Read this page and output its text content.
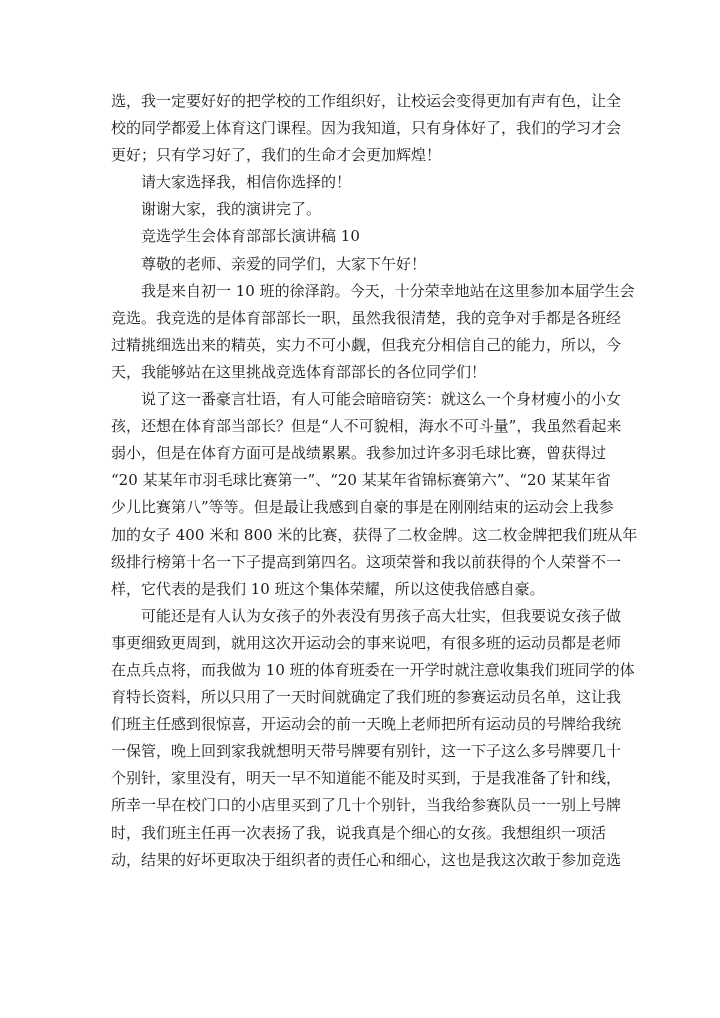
选，我一定要好好的把学校的工作组织好，让校运会变得更加有声有色，让全
校的同学都爱上体育这门课程。因为我知道，只有身体好了，我们的学习才会
更好；只有学习好了，我们的生命才会更加辉煌！
请大家选择我，相信你选择的！
谢谢大家，我的演讲完了。
竞选学生会体育部部长演讲稿 10
尊敬的老师、亲爱的同学们，大家下午好！
我是来自初一 10 班的徐泽韵。今天，十分荣幸地站在这里参加本届学生会
竞选。我竞选的是体育部部长一职，虽然我很清楚，我的竞争对手都是各班经
过精挑细选出来的精英，实力不可小觑，但我充分相信自己的能力，所以，今
天，我能够站在这里挑战竞选体育部部长的各位同学们！
说了这一番豪言壮语，有人可能会暗暗窃笑：就这么一个身材瘦小的小女
孩，还想在体育部当部长？但是“人不可貌相，海水不可斗量”，我虽然看起来
弱小，但是在体育方面可是战绩累累。我参加过许多羽毛球比赛，曾获得过
“20 某某年市羽毛球比赛第一”、“20 某某年省锦标赛第六”、“20 某某年省
少儿比赛第八”等等。但是最让我感到自豪的事是在刚刚结束的运动会上我参
加的女子 400 米和 800 米的比赛，获得了二枚金牌。这二枚金牌把我们班从年
级排行榜第十名一下子提高到第四名。这项荣誉和我以前获得的个人荣誉不一
样，它代表的是我们 10 班这个集体荣耀，所以这使我倍感自豪。
可能还是有人认为女孩子的外表没有男孩子高大壮实，但我要说女孩子做
事更细致更周到，就用这次开运动会的事来说吧，有很多班的运动员都是老师
在点兵点将，而我做为 10 班的体育班委在一开学时就注意收集我们班同学的体
育特长资料，所以只用了一天时间就确定了我们班的参赛运动员名单，这让我
们班主任感到很惊喜，开运动会的前一天晚上老师把所有运动员的号牌给我统
一保管，晚上回到家我就想明天带号牌要有别针，这一下子这么多号牌要几十
个别针，家里没有，明天一早不知道能不能及时买到，于是我准备了针和线，
所幸一早在校门口的小店里买到了几十个别针，当我给参赛队员一一别上号牌
时，我们班主任再一次表扬了我，说我真是个细心的女孩。我想组织一项活
动，结果的好坏更取决于组织者的责任心和细心，这也是我这次敢于参加竞选
